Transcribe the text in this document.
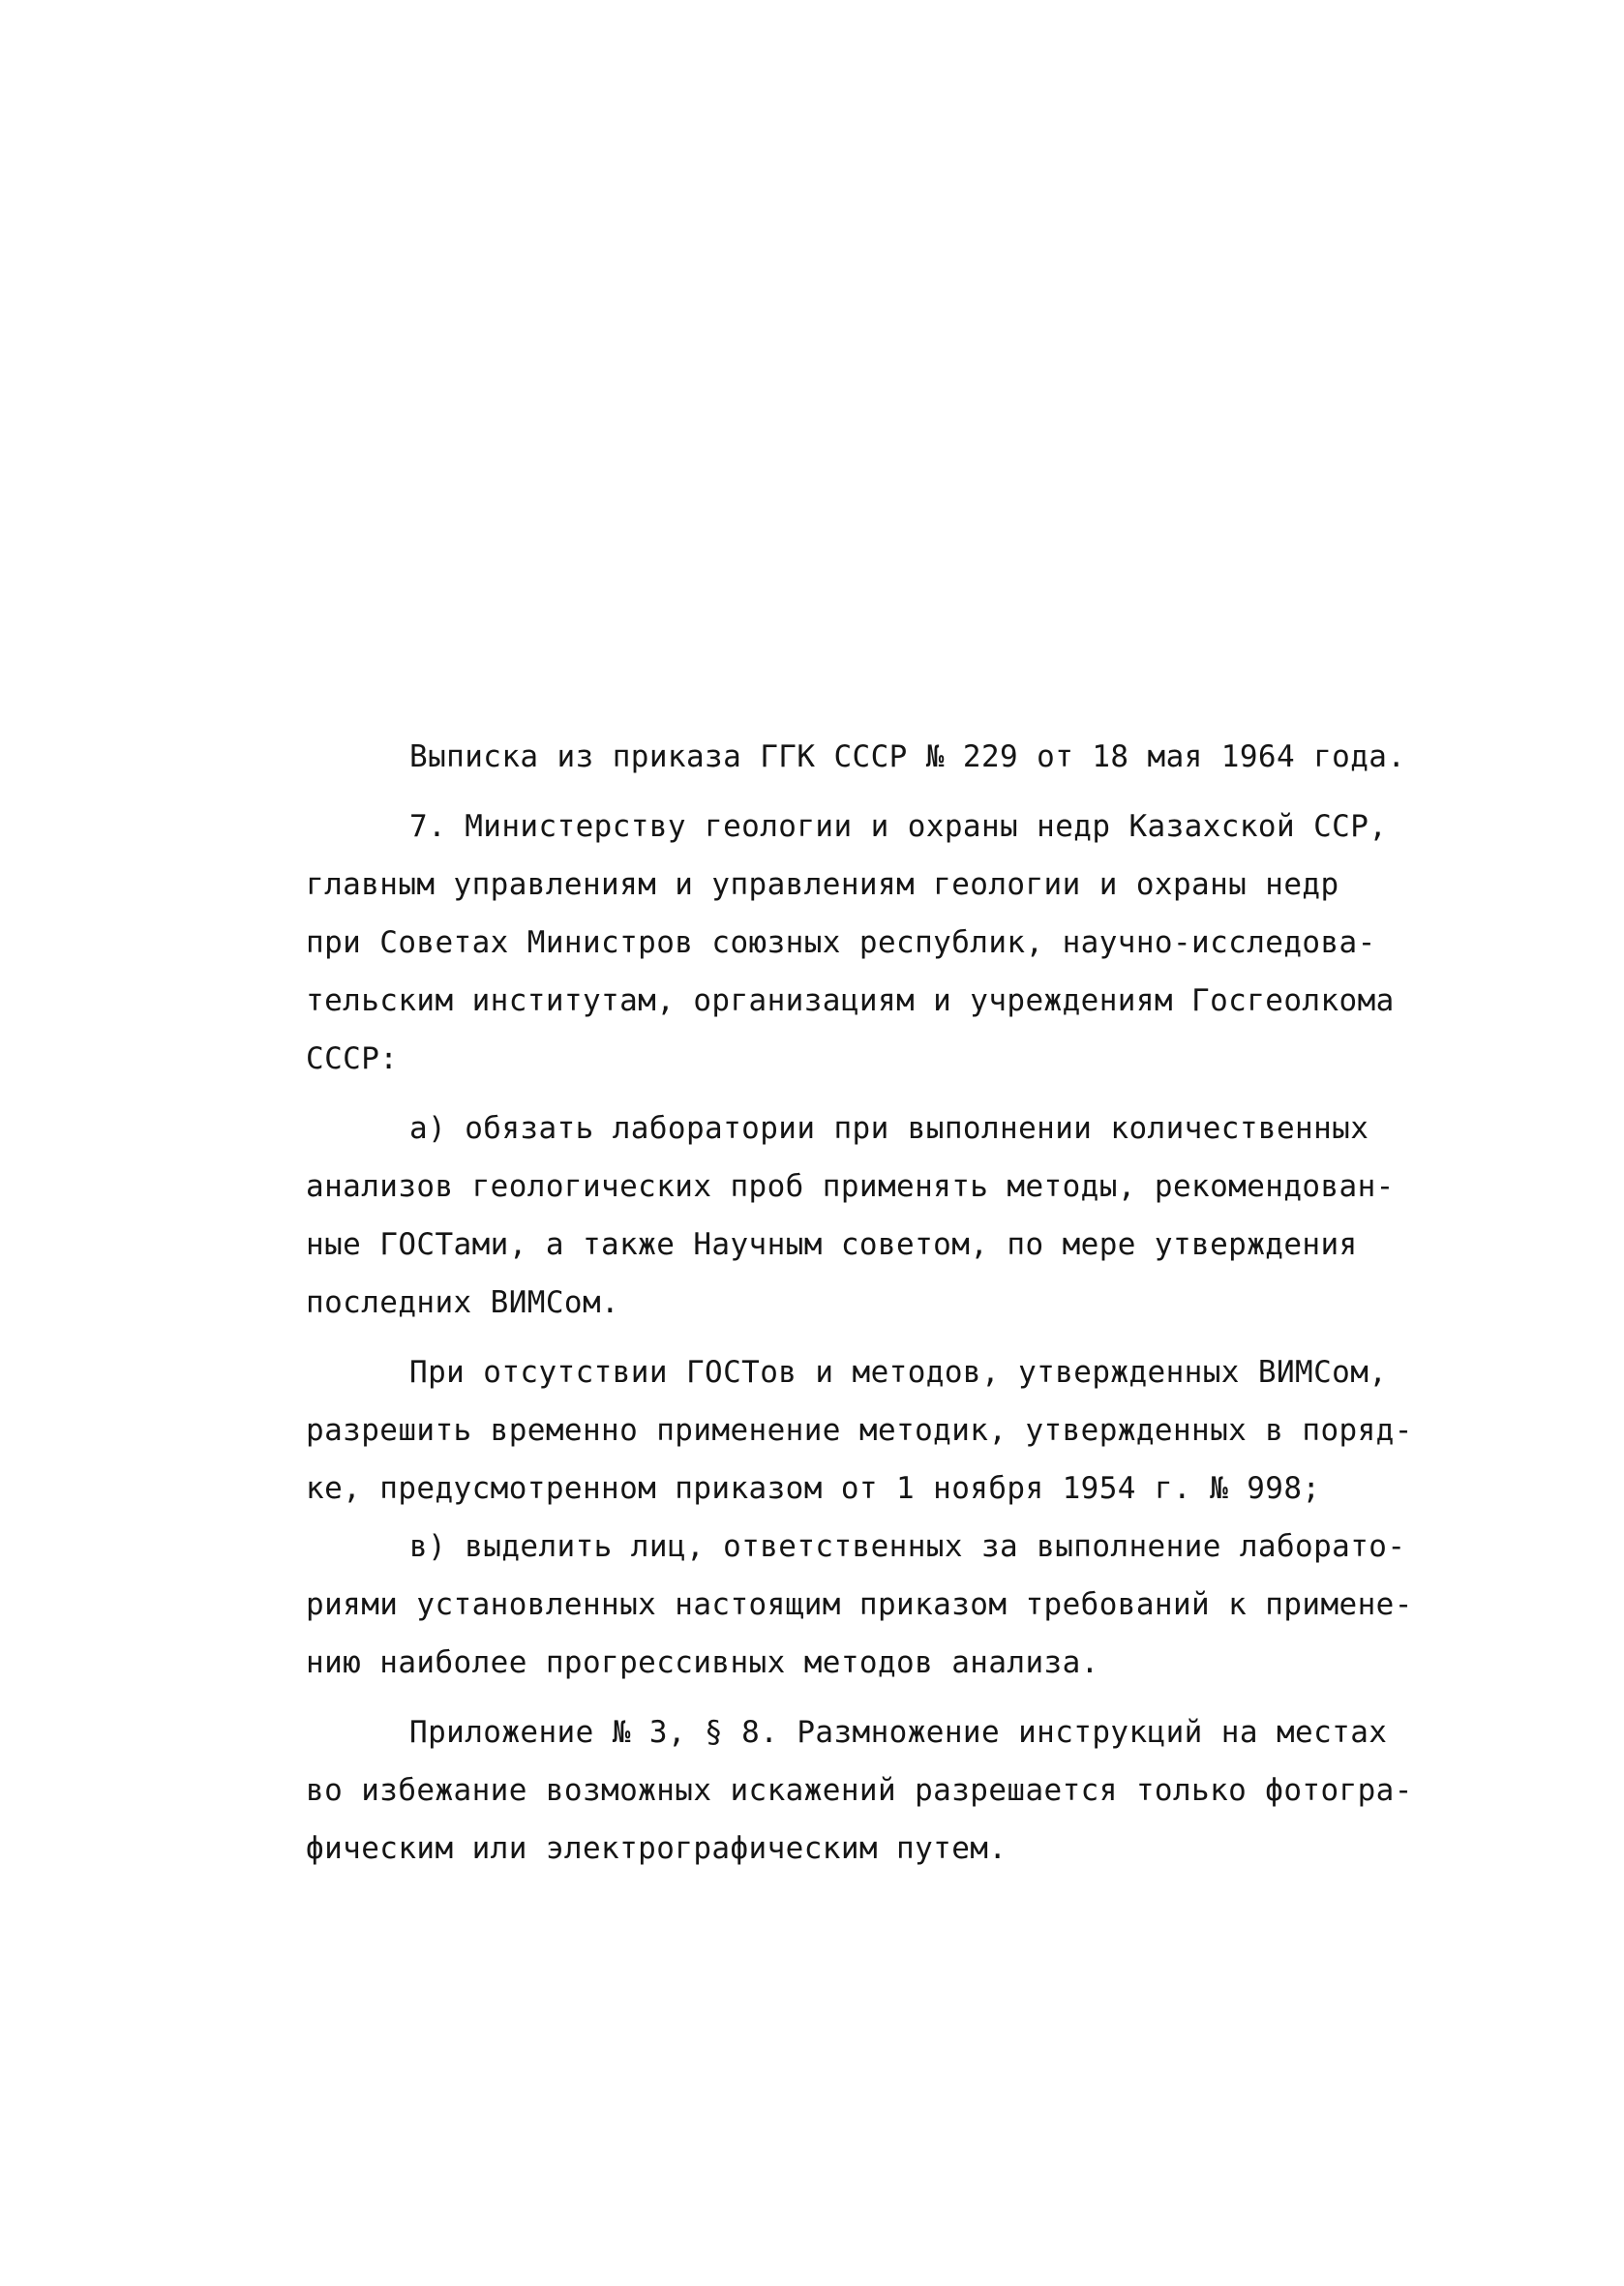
Выписка из приказа ГГК СССР № 229 от 18 мая 1964 года.
7. Министерству геологии и охраны недр Казахской ССР,
главным управлениям и управлениям геологии и охраны недр
при Советах Министров союзных республик, научно-исследова-
тельским институтам, организациям и учреждениям Госгеолкома
СССР:
а) обязать лаборатории при выполнении количественных
анализов геологических проб применять методы, рекомендован-
ные ГОСТами, а также Научным советом, по мере утверждения
последних ВИМСом.
При отсутствии ГОСТов и методов, утвержденных ВИМСом,
разрешить временно применение методик, утвержденных в поряд-
ке, предусмотренном приказом от 1 ноября 1954 г. № 998;
в) выделить лиц, ответственных за выполнение лаборато-
риями установленных настоящим приказом требований к примене-
нию наиболее прогрессивных методов анализа.
Приложение № 3, § 8. Размножение инструкций на местах
во избежание возможных искажений разрешается только фотогра-
фическим или электрографическим путем.
